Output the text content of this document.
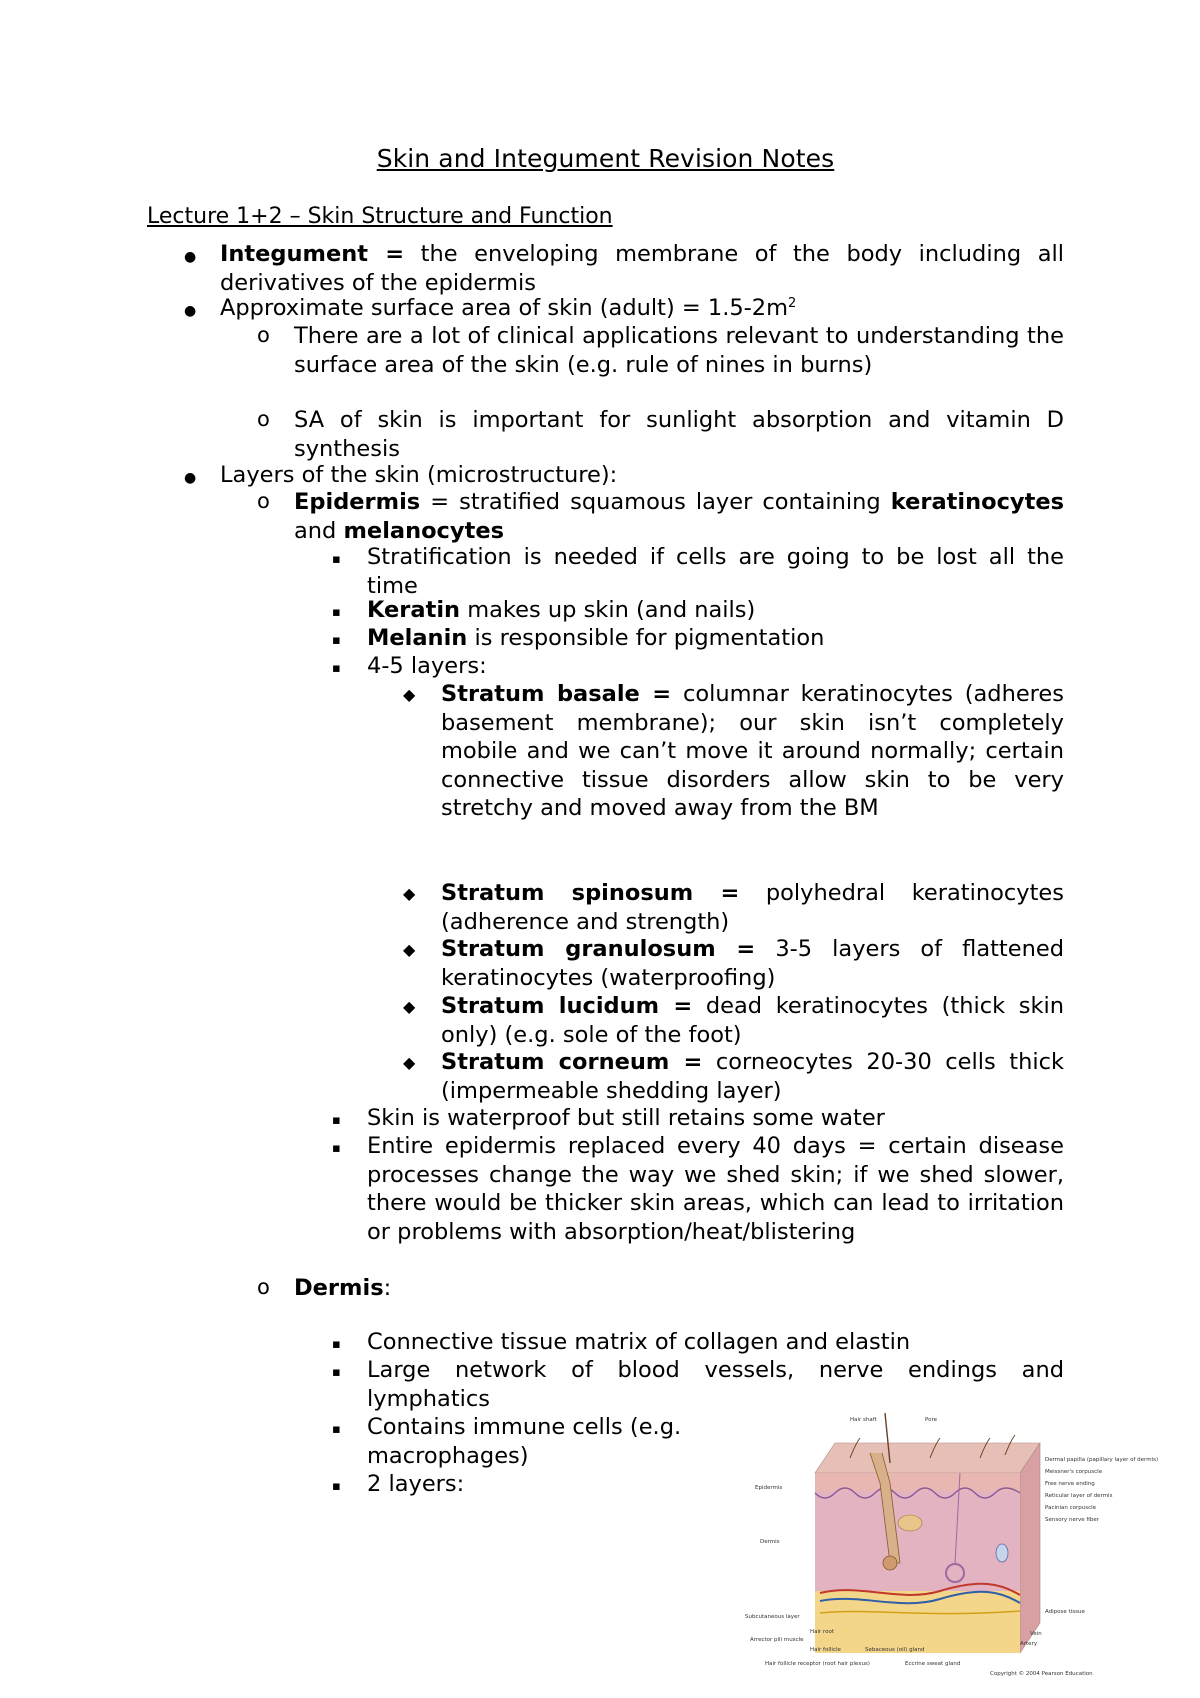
Skin and Integument Revision Notes
Lecture 1+2 – Skin Structure and Function
● Integument = the enveloping membrane of the body including all derivatives of the epidermis

● Approximate surface area of skin (adult) = $1.5-2m^2$

o There are a lot of clinical applications relevant to understanding the surface area of the skin (e.g. rule of nines in burns)

o SA of skin is important for sunlight absorption and vitamin D synthesis

● Layers of the skin (microstructure):

o Epidermis = stratified squamous layer containing keratinocytes and melanocytes

▪ Stratification is needed if cells are going to be lost all the time

▪ Keratin makes up skin (and nails)

▪ Melanin is responsible for pigmentation

▪ 4-5 layers:

◆ Stratum basale = columnar keratinocytes (adheres basement membrane); our skin isn’t completely mobile and we can’t move it around normally; certain connective tissue disorders allow skin to be very stretchy and moved away from the BM

◆ Stratum spinosum = polyhedral keratinocytes (adherence and strength)

◆ Stratum granulosum = 3-5 layers of flattened keratinocytes (waterproofing)

◆ Stratum lucidum = dead keratinocytes (thick skin only) (e.g. sole of the foot)

◆ Stratum corneum = corneocytes 20-30 cells thick (impermeable shedding layer)

▪ Skin is waterproof but still retains some water

▪ Entire epidermis replaced every 40 days = certain disease processes change the way we shed skin; if we shed slower, there would be thicker skin areas, which can lead to irritation or problems with absorption/heat/blistering

o Dermis:

▪ Connective tissue matrix of collagen and elastin

▪ Large network of blood vessels, nerve endings and lymphatics

▪ Contains immune cells (e.g. macrophages)

▪ 2 layers:

Hair shaft	Pore
Epidermis
Dermis
Subcutaneous layer
Dermal papilla (papillary layer of dermis)
Meissner's corpuscle
Free nerve ending
Reticular layer of dermis
Pacinian corpuscle
Sensory nerve fiber
Adipose tissue
Vein
Artery
Arrector pili muscle
Hair root
Hair follicle	Sebaceous (oil) gland
Eccrine sweat gland
Hair follicle receptor (root hair plexus)
Copyright © 2004 Pearson Education
